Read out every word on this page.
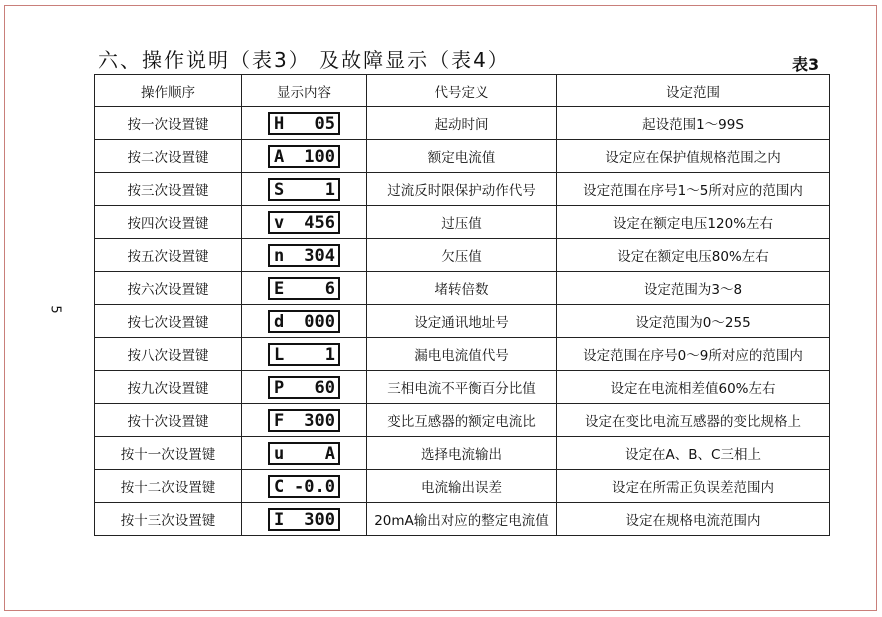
六、操作说明（表3） 及故障显示（表4）	表3
5
操作顺序	显示内容	代号定义	设定范围
按一次设置键	H 05	起动时间	起设范围1～99S
按二次设置键	A 100	额定电流值	设定应在保护值规格范围之内
按三次设置键	S 1	过流反时限保护动作代号	设定范围在序号1～5所对应的范围内
按四次设置键	v 456	过压值	设定在额定电压120%左右
按五次设置键	n 304	欠压值	设定在额定电压80%左右
按六次设置键	E 6	堵转倍数	设定范围为3～8
按七次设置键	d 000	设定通讯地址号	设定范围为0～255
按八次设置键	L 1	漏电电流值代号	设定范围在序号0～9所对应的范围内
按九次设置键	P 60	三相电流不平衡百分比值	设定在电流相差值60%左右
按十次设置键	F 300	变比互感器的额定电流比	设定在变比电流互感器的变比规格上
按十一次设置键	u A	选择电流输出	设定在A、B、C三相上
按十二次设置键	C -0.0	电流输出误差	设定在所需正负误差范围内
按十三次设置键	I 300	20mA输出对应的整定电流值	设定在规格电流范围内
